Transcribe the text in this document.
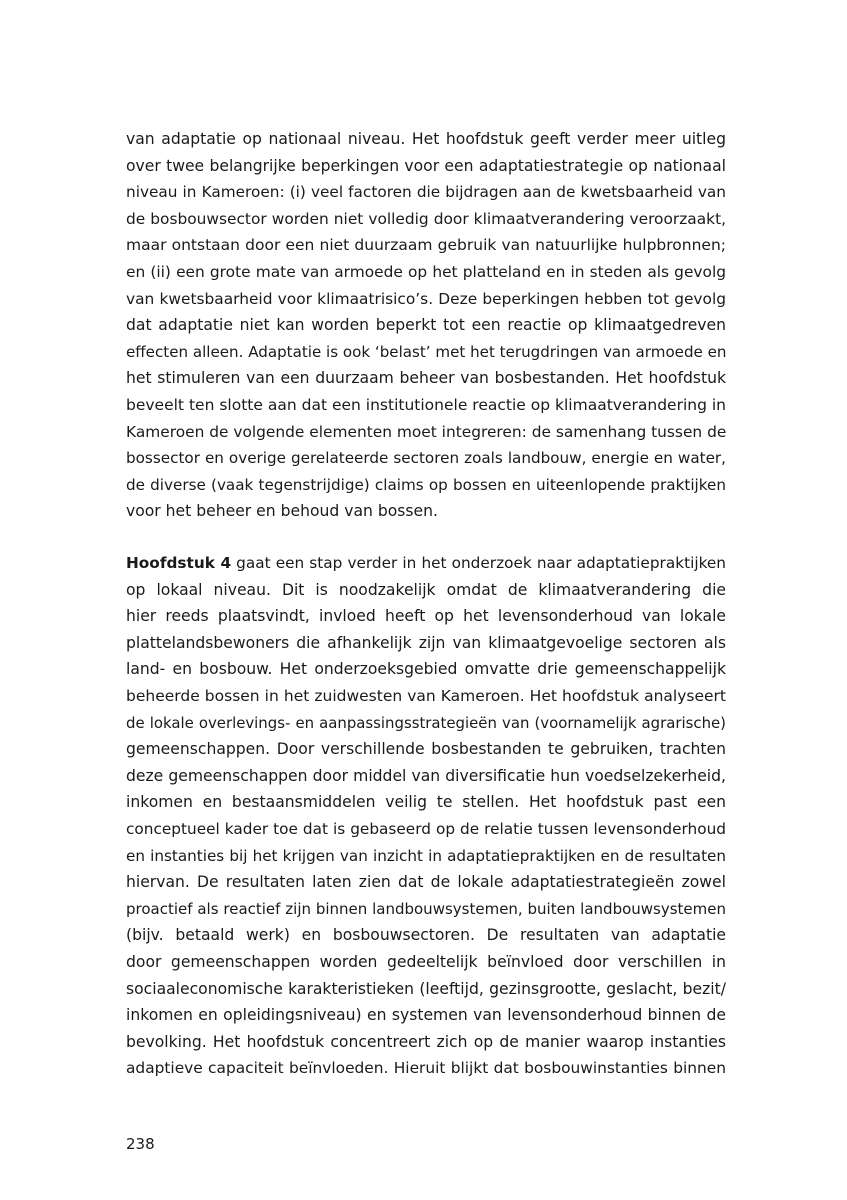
van adaptatie op nationaal niveau. Het hoofdstuk geeft verder meer uitleg
over twee belangrijke beperkingen voor een adaptatiestrategie op nationaal
niveau in Kameroen: (i) veel factoren die bijdragen aan de kwetsbaarheid van
de bosbouwsector worden niet volledig door klimaatverandering veroorzaakt,
maar ontstaan door een niet duurzaam gebruik van natuurlijke hulpbronnen;
en (ii) een grote mate van armoede op het platteland en in steden als gevolg
van kwetsbaarheid voor klimaatrisico’s. Deze beperkingen hebben tot gevolg
dat adaptatie niet kan worden beperkt tot een reactie op klimaatgedreven
effecten alleen. Adaptatie is ook ‘belast’ met het terugdringen van armoede en
het stimuleren van een duurzaam beheer van bosbestanden. Het hoofdstuk
beveelt ten slotte aan dat een institutionele reactie op klimaatverandering in
Kameroen de volgende elementen moet integreren: de samenhang tussen de
bossector en overige gerelateerde sectoren zoals landbouw, energie en water,
de diverse (vaak tegenstrijdige) claims op bossen en uiteenlopende praktijken
voor het beheer en behoud van bossen.
Hoofdstuk 4 gaat een stap verder in het onderzoek naar adaptatiepraktijken
op lokaal niveau. Dit is noodzakelijk omdat de klimaatverandering die
hier reeds plaatsvindt, invloed heeft op het levensonderhoud van lokale
plattelandsbewoners die afhankelijk zijn van klimaatgevoelige sectoren als
land- en bosbouw. Het onderzoeksgebied omvatte drie gemeenschappelijk
beheerde bossen in het zuidwesten van Kameroen. Het hoofdstuk analyseert
de lokale overlevings- en aanpassingsstrategieën van (voornamelijk agrarische)
gemeenschappen. Door verschillende bosbestanden te gebruiken, trachten
deze gemeenschappen door middel van diversificatie hun voedselzekerheid,
inkomen en bestaansmiddelen veilig te stellen. Het hoofdstuk past een
conceptueel kader toe dat is gebaseerd op de relatie tussen levensonderhoud
en instanties bij het krijgen van inzicht in adaptatiepraktijken en de resultaten
hiervan. De resultaten laten zien dat de lokale adaptatiestrategieën zowel
proactief als reactief zijn binnen landbouwsystemen, buiten landbouwsystemen
(bijv. betaald werk) en bosbouwsectoren. De resultaten van adaptatie
door gemeenschappen worden gedeeltelijk beïnvloed door verschillen in
sociaaleconomische karakteristieken (leeftijd, gezinsgrootte, geslacht, bezit/
inkomen en opleidingsniveau) en systemen van levensonderhoud binnen de
bevolking. Het hoofdstuk concentreert zich op de manier waarop instanties
adaptieve capaciteit beïnvloeden. Hieruit blijkt dat bosbouwinstanties binnen
238
